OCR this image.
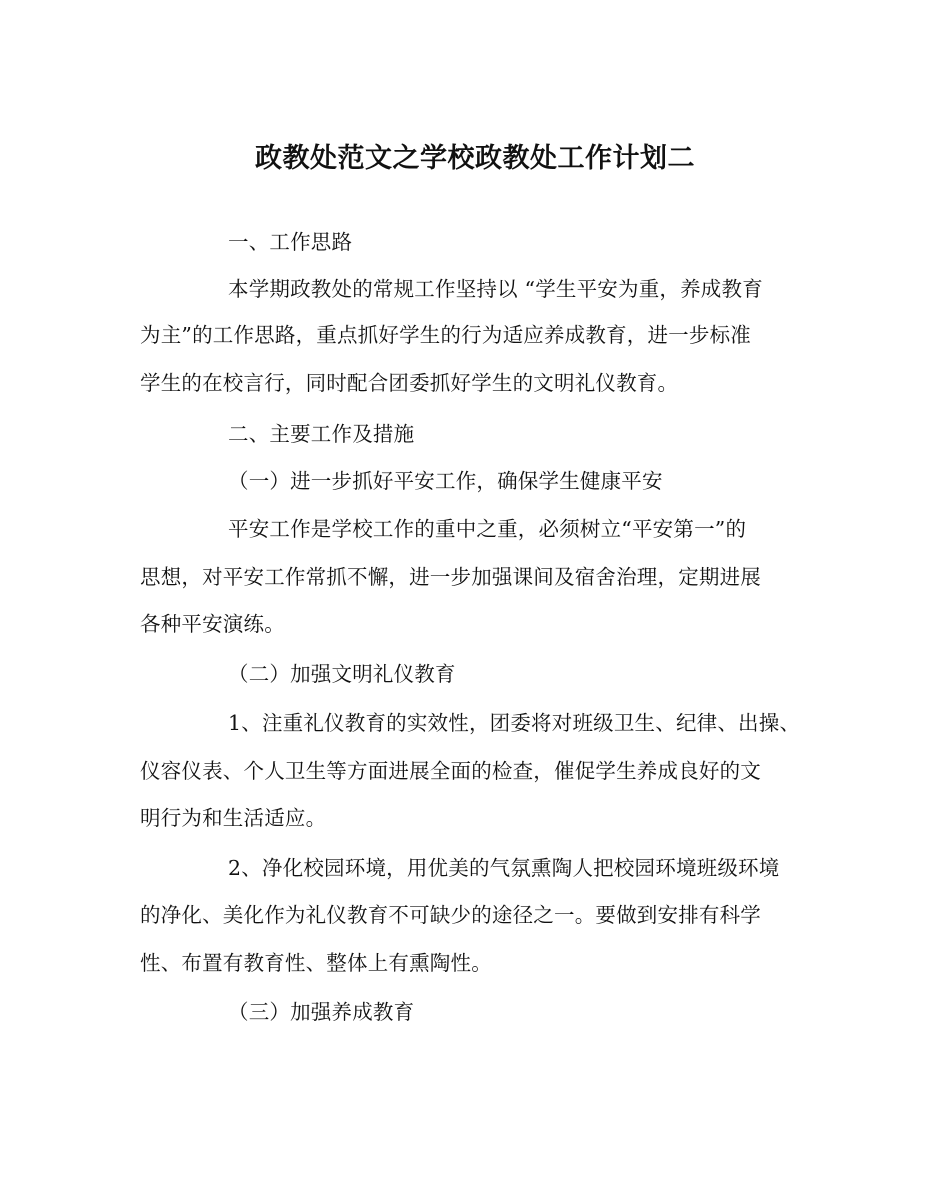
政教处范文之学校政教处工作计划二
一、工作思路
本学期政教处的常规工作坚持以 “学生平安为重，养成教育
为主”的工作思路，重点抓好学生的行为适应养成教育，进一步标准
学生的在校言行，同时配合团委抓好学生的文明礼仪教育。
二、主要工作及措施
（一）进一步抓好平安工作，确保学生健康平安
平安工作是学校工作的重中之重，必须树立“平安第一”的
思想，对平安工作常抓不懈，进一步加强课间及宿舍治理，定期进展
各种平安演练。
（二）加强文明礼仪教育
1、注重礼仪教育的实效性，团委将对班级卫生、纪律、出操、
仪容仪表、个人卫生等方面进展全面的检查，催促学生养成良好的文
明行为和生活适应。
2、净化校园环境，用优美的气氛熏陶人把校园环境班级环境
的净化、美化作为礼仪教育不可缺少的途径之一。要做到安排有科学
性、布置有教育性、整体上有熏陶性。
（三）加强养成教育
